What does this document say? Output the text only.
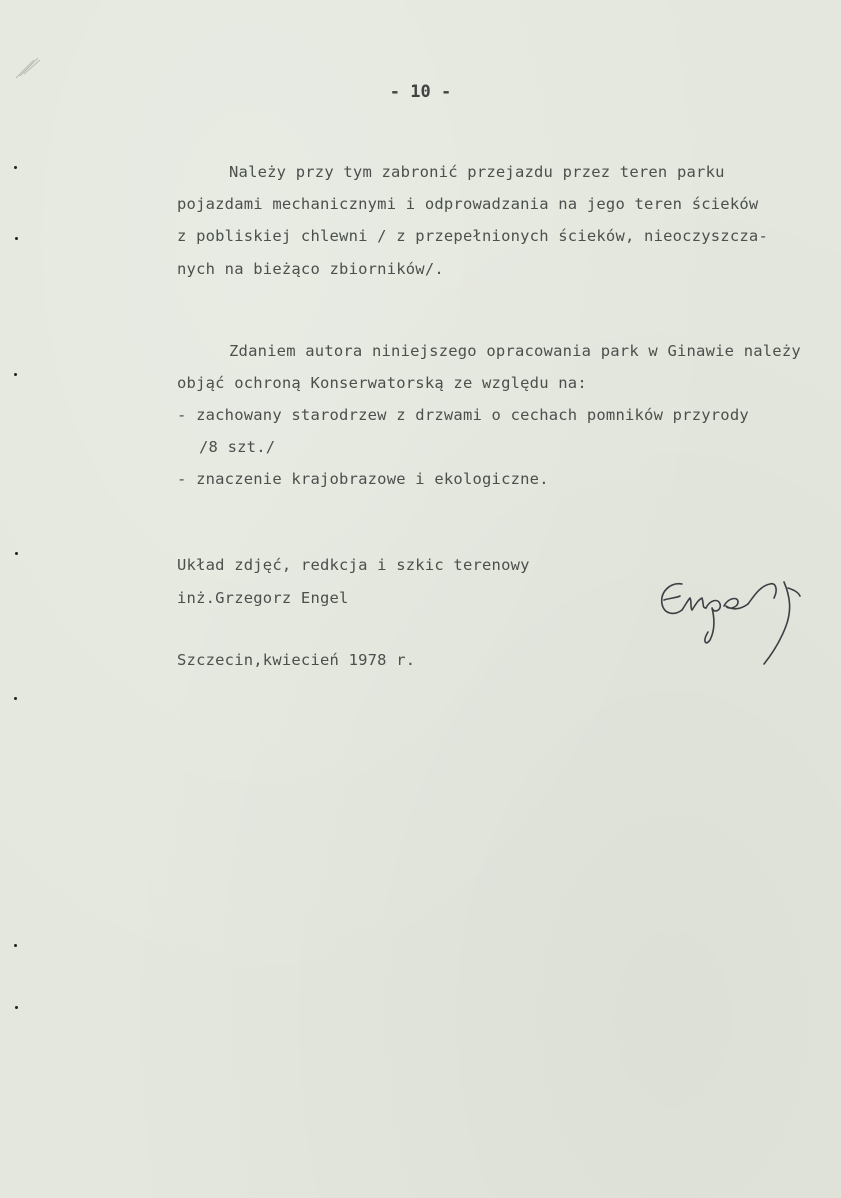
- 10 -
Należy przy tym zabronić przejazdu przez teren parku
pojazdami mechanicznymi i odprowadzania na jego teren ścieków
z pobliskiej chlewni / z przepełnionych ścieków, nieoczyszcza-
nych na bieżąco zbiorników/.
Zdaniem autora niniejszego opracowania park w Ginawie należy
objąć ochroną Konserwatorską ze względu na:
- zachowany starodrzew z drzwami o cechach pomników przyrody
/8 szt./
- znaczenie krajobrazowe i ekologiczne.
Układ zdjęć, redkcja i szkic terenowy
inż.Grzegorz Engel
Szczecin,kwiecień 1978 r.
